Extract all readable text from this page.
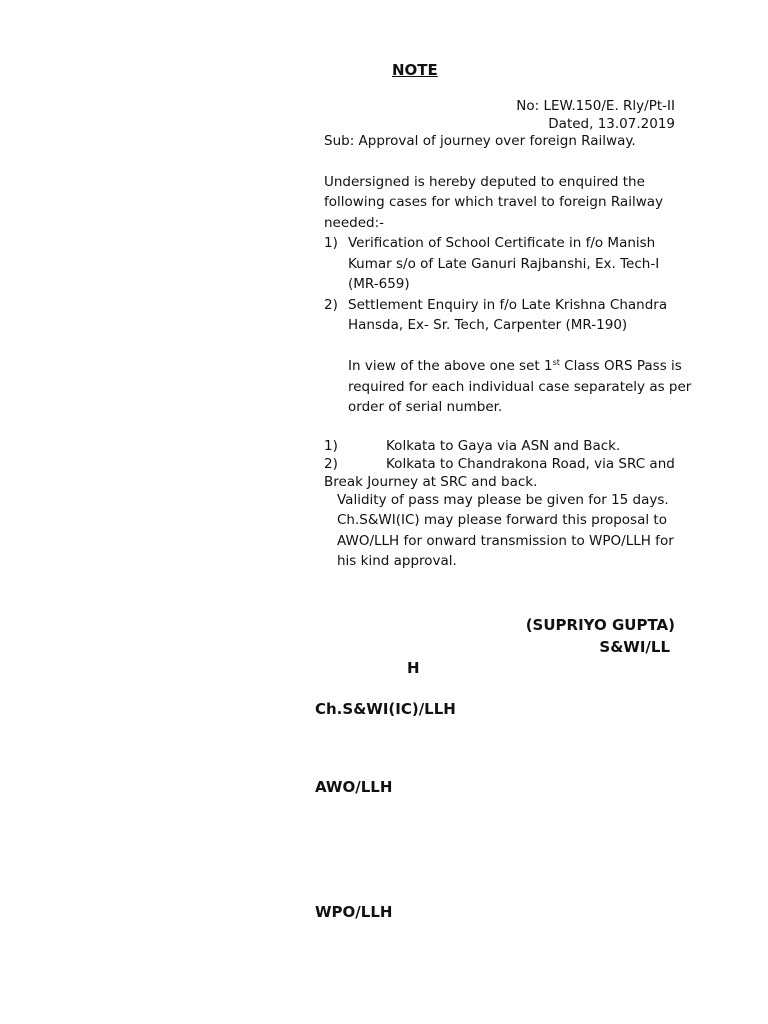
NOTE
No: LEW.150/E. Rly/Pt-II
Dated, 13.07.2019
Sub: Approval of journey over foreign Railway.
Undersigned is hereby deputed to enquired the
following cases for which travel to foreign Railway
needed:-
1) Verification of School Certificate in f/o Manish
Kumar s/o of Late Ganuri Rajbanshi, Ex. Tech-I
(MR-659)
2) Settlement Enquiry in f/o Late Krishna Chandra
Hansda, Ex- Sr. Tech, Carpenter (MR-190)
In view of the above one set 1st Class ORS Pass is
required for each individual case separately as per
order of serial number.
1)	Kolkata to Gaya via ASN and Back.
2)	Kolkata to Chandrakona Road, via SRC and
Break Journey at SRC and back.
Validity of pass may please be given for 15 days.
Ch.S&WI(IC) may please forward this proposal to
AWO/LLH for onward transmission to WPO/LLH for
his kind approval.
(SUPRIYO GUPTA)
S&WI/LL
H
Ch.S&WI(IC)/LLH
AWO/LLH
WPO/LLH
